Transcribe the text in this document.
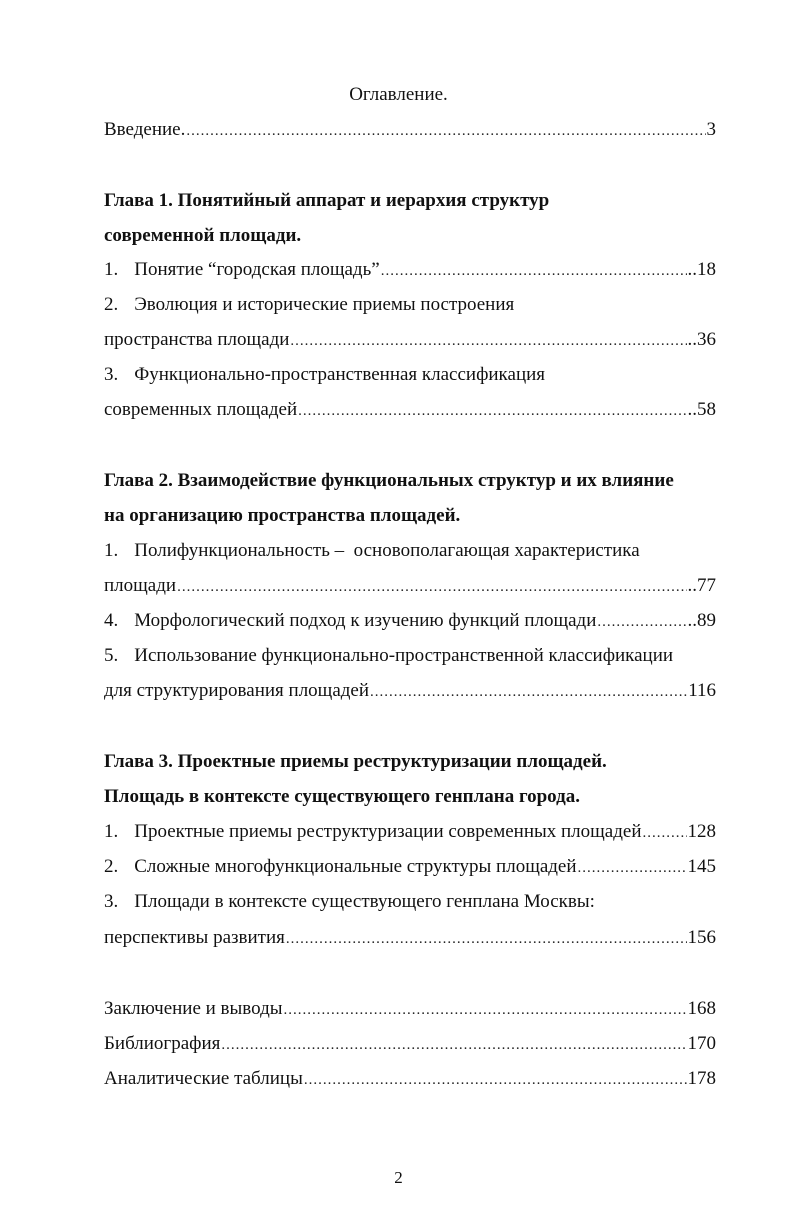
Оглавление.
Введение. .....	3
Глава 1. Понятийный аппарат и иерархия структур
современной площади.
1. Понятие “городская площадь” .....	..18
2. Эволюция и исторические приемы построения
пространства площади .....	..36
3. Функционально-пространственная классификация
современных площадей .....	..58
Глава 2. Взаимодействие функциональных структур и их влияние
на организацию пространства площадей.
1. Полифункциональность –  основополагающая характеристика
площади .....	..77
4. Морфологический подход к изучению функций площади .....	..89
5. Использование функционально-пространственной классификации
для структурирования площадей .....	116
Глава 3. Проектные приемы реструктуризации площадей.
Площадь в контексте существующего генплана города.
1. Проектные приемы реструктуризации современных площадей ..... 128
2. Сложные многофункциональные структуры площадей .....	145
3. Площади в контексте существующего генплана Москвы:
перспективы развития .....	156
Заключение и выводы .....	168
Библиография .....	170
Аналитические таблицы .....	178
2
